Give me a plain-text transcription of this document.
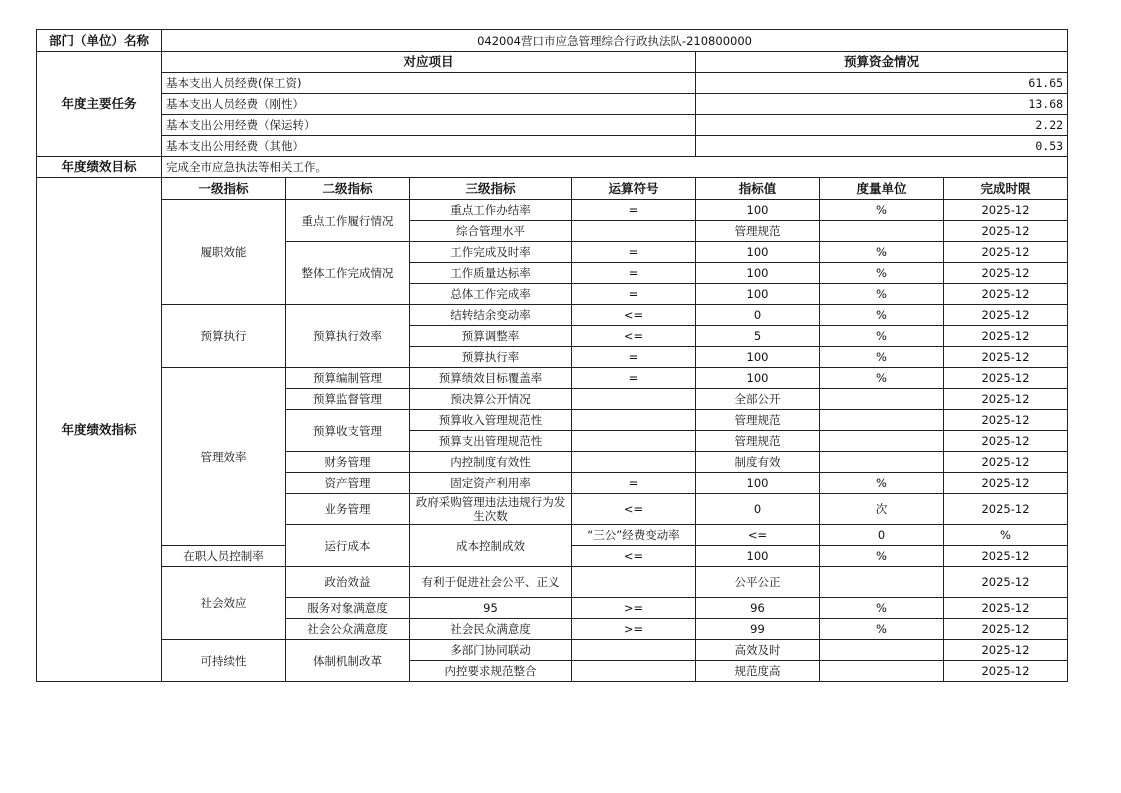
部门（单位）名称	042004营口市应急管理综合行政执法队-210800000							
年度主要任务	对应项目				预算资金情况			
	基本支出人员经费(保工资)				61.65			
	基本支出人员经费（刚性）				13.68			
	基本支出公用经费（保运转）				2.22			
	基本支出公用经费（其他）				0.53			
年度绩效目标	完成全市应急执法等相关工作。							
年度绩效指标	一级指标	二级指标	三级指标	运算符号	指标值	度量单位	完成时限	
	履职效能	重点工作履行情况	重点工作办结率	=	100	%	2025-12	
			综合管理水平		管理规范		2025-12	
		整体工作完成情况	工作完成及时率	=	100	%	2025-12	
			工作质量达标率	=	100	%	2025-12	
			总体工作完成率	=	100	%	2025-12	
	预算执行	预算执行效率	结转结余变动率	<=	0	%	2025-12	
			预算调整率	<=	5	%	2025-12	
			预算执行率	=	100	%	2025-12	
	管理效率	预算编制管理	预算绩效目标覆盖率	=	100	%	2025-12	
		预算监督管理	预决算公开情况		全部公开		2025-12	
		预算收支管理	预算收入管理规范性		管理规范		2025-12	
			预算支出管理规范性		管理规范		2025-12	
		财务管理	内控制度有效性		制度有效		2025-12	
		资产管理	固定资产利用率	=	100	%	2025-12	
		业务管理	政府采购管理违法违规行为发生次数	<=	0	次	2025-12	
		运行成本	成本控制成效	“三公”经费变动率	<=	0	%	
	在职人员控制率			<=	100	%	2025-12	
	社会效应	政治效益	有利于促进社会公平、正义		公平公正		2025-12	
		服务对象满意度	95	>=	96	%	2025-12	
		社会公众满意度	社会民众满意度	>=	99	%	2025-12	
	可持续性	体制机制改革	多部门协同联动		高效及时		2025-12	
			内控要求规范整合		规范度高		2025-12	
